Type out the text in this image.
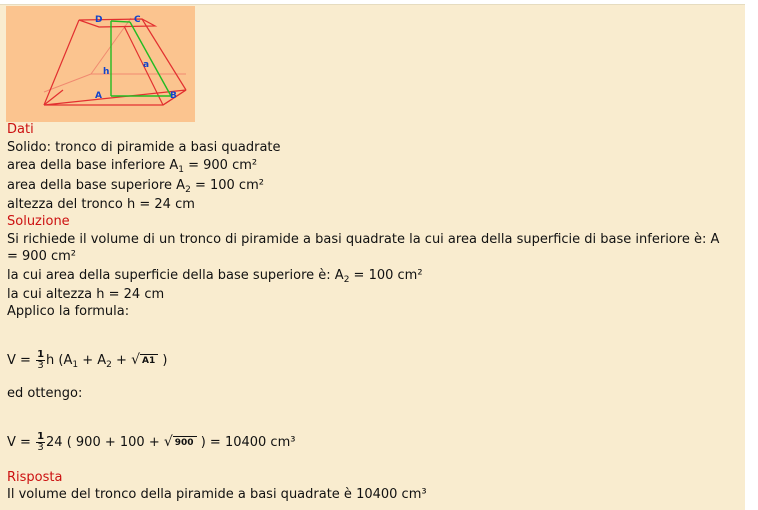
D	C
a
h
A	B
Dati
Solido: tronco di piramide a basi quadrate
area della base inferiore $A_1 = 900$ cm²
area della base superiore $A_2 = 100$ cm²
altezza del tronco h = 24 cm
Soluzione
Si richiede il volume di un tronco di piramide a basi quadrate la cui area della superficie di base inferiore è: A
= 900 cm²
la cui area della superficie della base superiore è: $A_2 = 100$ cm²
la cui altezza h = 24 cm
Applico la formula:
$V = \frac{1}{3}$ h ($A_1 + A_2$ + √ A1 )
ed ottengo:
$V = \frac{1}{3} 24$ ( 900 + 100 + √ 900 ) = 10400 cm³
Risposta
Il volume del tronco della piramide a basi quadrate è 10400 cm³
